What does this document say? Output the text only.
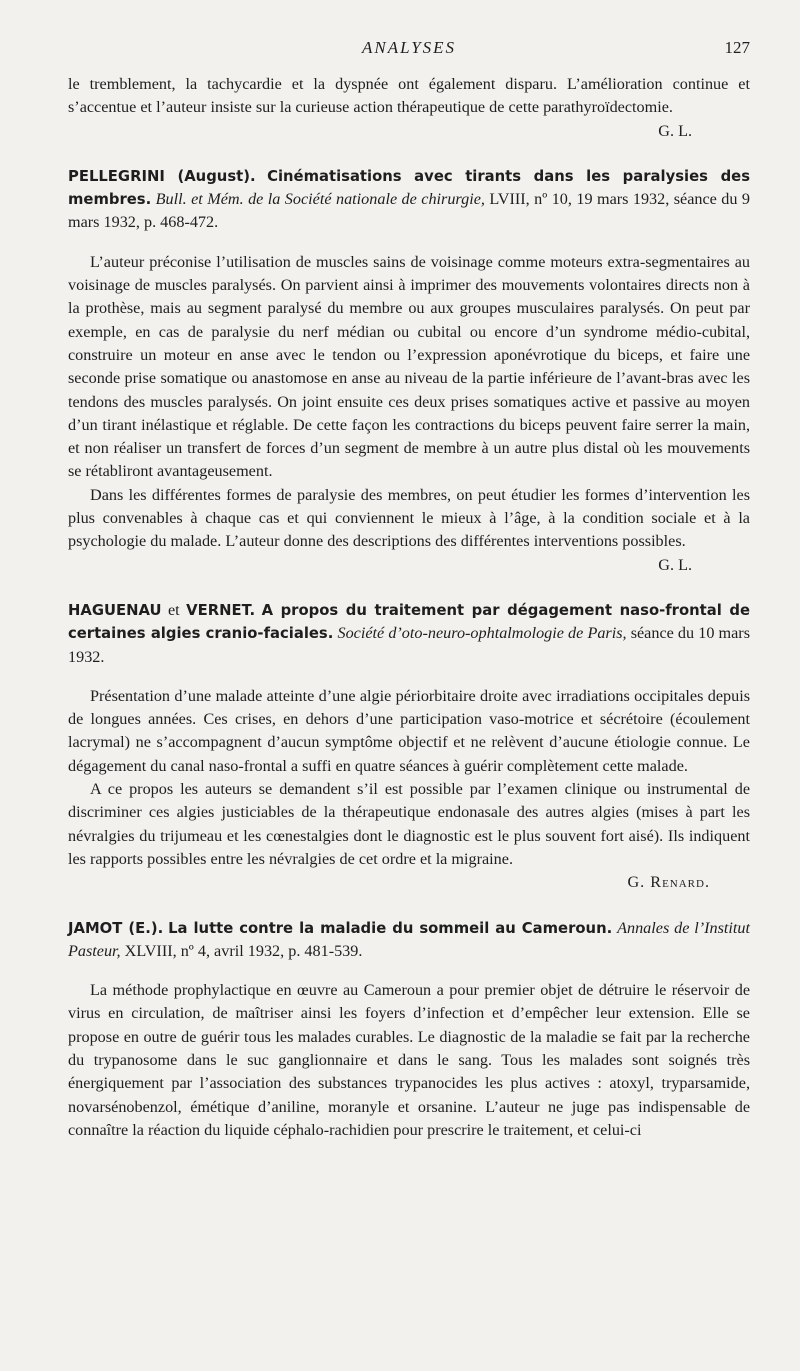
ANALYSES	127

le tremblement, la tachycardie et la dyspnée ont également disparu. L’amélioration continue et s’accentue et l’auteur insiste sur la curieuse action thérapeutique de cette parathyroïdectomie.

G. L.

PELLEGRINI (August). Cinématisations avec tirants dans les paralysies des membres. Bull. et Mém. de la Société nationale de chirurgie, LVIII, nº 10, 19 mars 1932, séance du 9 mars 1932, p. 468-472.

L’auteur préconise l’utilisation de muscles sains de voisinage comme moteurs extra-segmentaires au voisinage de muscles paralysés. On parvient ainsi à imprimer des mouvements volontaires directs non à la prothèse, mais au segment paralysé du membre ou aux groupes musculaires paralysés. On peut par exemple, en cas de paralysie du nerf médian ou cubital ou encore d’un syndrome médio-cubital, construire un moteur en anse avec le tendon ou l’expression aponévrotique du biceps, et faire une seconde prise somatique ou anastomose en anse au niveau de la partie inférieure de l’avant-bras avec les tendons des muscles paralysés. On joint ensuite ces deux prises somatiques active et passive au moyen d’un tirant inélastique et réglable. De cette façon les contractions du biceps peuvent faire serrer la main, et non réaliser un transfert de forces d’un segment de membre à un autre plus distal où les mouvements se rétabliront avantageusement.

Dans les différentes formes de paralysie des membres, on peut étudier les formes d’intervention les plus convenables à chaque cas et qui conviennent le mieux à l’âge, à la condition sociale et à la psychologie du malade. L’auteur donne des descriptions des différentes interventions possibles.

G. L.

HAGUENAU et VERNET. A propos du traitement par dégagement naso-frontal de certaines algies cranio-faciales. Société d’oto-neuro-ophtalmologie de Paris, séance du 10 mars 1932.

Présentation d’une malade atteinte d’une algie périorbitaire droite avec irradiations occipitales depuis de longues années. Ces crises, en dehors d’une participation vaso-motrice et sécrétoire (écoulement lacrymal) ne s’accompagnent d’aucun symptôme objectif et ne relèvent d’aucune étiologie connue. Le dégagement du canal naso-frontal a suffi en quatre séances à guérir complètement cette malade.

A ce propos les auteurs se demandent s’il est possible par l’examen clinique ou instrumental de discriminer ces algies justiciables de la thérapeutique endonasale des autres algies (mises à part les névralgies du trijumeau et les cœnestalgies dont le diagnostic est le plus souvent fort aisé). Ils indiquent les rapports possibles entre les névralgies de cet ordre et la migraine.

G. Renard.

JAMOT (E.). La lutte contre la maladie du sommeil au Cameroun. Annales de l’Institut Pasteur, XLVIII, nº 4, avril 1932, p. 481-539.

La méthode prophylactique en œuvre au Cameroun a pour premier objet de détruire le réservoir de virus en circulation, de maîtriser ainsi les foyers d’infection et d’empêcher leur extension. Elle se propose en outre de guérir tous les malades curables. Le diagnostic de la maladie se fait par la recherche du trypanosome dans le suc ganglionnaire et dans le sang. Tous les malades sont soignés très énergiquement par l’association des substances trypanocides les plus actives : atoxyl, tryparsamide, novarsénobenzol, émétique d’aniline, moranyle et orsanine. L’auteur ne juge pas indispensable de connaître la réaction du liquide céphalo-rachidien pour prescrire le traitement, et celui-ci
